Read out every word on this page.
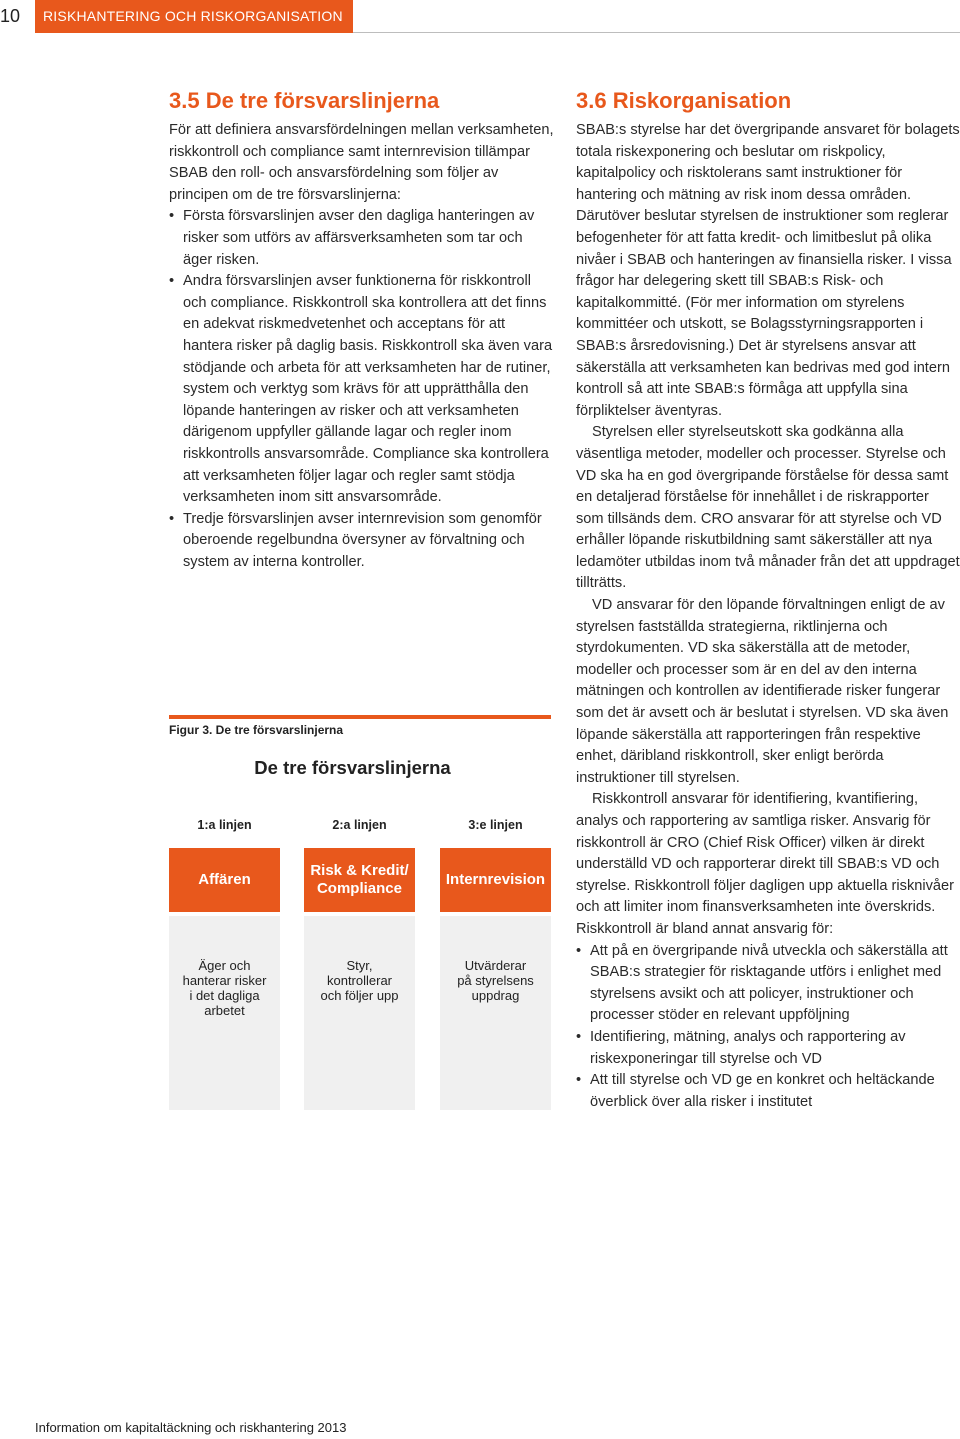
10	RISKHANTERING OCH RISKORGANISATION
3.5 De tre försvarslinjerna

För att definiera ansvarsfördelningen mellan verksamheten, riskkontroll och compliance samt internrevision tillämpar SBAB den roll- och ansvarsfördelning som följer av principen om de tre försvarslinjerna:

• Första försvarslinjen avser den dagliga hanteringen av risker som utförs av affärsverksamheten som tar och äger risken.
• Andra försvarslinjen avser funktionerna för riskkontroll och compliance. Riskkontroll ska kontrollera att det finns en adekvat riskmedvetenhet och acceptans för att hantera risker på daglig basis. Riskkontroll ska även vara stödjande och arbeta för att verksamheten har de rutiner, system och verktyg som krävs för att upprätthålla den löpande hanteringen av risker och att verksamheten därigenom uppfyller gällande lagar och regler inom riskkontrolls ansvarsområde. Compliance ska kontrollera att verksamheten följer lagar och regler samt stödja verksamheten inom sitt ansvarsområde.
• Tredje försvarslinjen avser internrevision som genomför oberoende regelbundna översyner av förvaltning och system av interna kontroller.
Figur 3. De tre försvarslinjerna
De tre försvarslinjerna
1:a linjen	2:a linjen	3:e linjen
Affären
Risk & Kredit/
Compliance
Internrevision
Äger och
hanterar risker
i det dagliga
arbetet
Styr,
kontrollerar
och följer upp
Utvärderar
på styrelsens
uppdrag
3.6 Riskorganisation

SBAB:s styrelse har det övergripande ansvaret för bolagets totala riskexponering och beslutar om riskpolicy, kapitalpolicy och risktolerans samt instruktioner för hantering och mätning av risk inom dessa områden. Därutöver beslutar styrelsen de instruktioner som reglerar befogenheter för att fatta kredit- och limitbeslut på olika nivåer i SBAB och hanteringen av finansiella risker. I vissa frågor har delegering skett till SBAB:s Risk- och kapitalkommitté. (För mer information om styrelens kommittéer och utskott, se Bolagsstyrningsrapporten i SBAB:s årsredovisning.) Det är styrelsens ansvar att säkerställa att verksamheten kan bedrivas med god intern kontroll så att inte SBAB:s förmåga att uppfylla sina förpliktelser äventyras.

Styrelsen eller styrelseutskott ska godkänna alla väsentliga metoder, modeller och processer. Styrelse och VD ska ha en god övergripande förståelse för dessa samt en detaljerad förståelse för innehållet i de riskrapporter som tillsänds dem. CRO ansvarar för att styrelse och VD erhåller löpande riskutbildning samt säkerställer att nya ledamöter utbildas inom två månader från det att uppdraget tillträtts.

VD ansvarar för den löpande förvaltningen enligt de av styrelsen fastställda strategierna, riktlinjerna och styrdokumenten. VD ska säkerställa att de metoder, modeller och processer som är en del av den interna mätningen och kontrollen av identifierade risker fungerar som det är avsett och är beslutat i styrelsen. VD ska även löpande säkerställa att rapporteringen från respektive enhet, däribland riskkontroll, sker enligt berörda instruktioner till styrelsen.

Riskkontroll ansvarar för identifiering, kvantifiering, analys och rapportering av samtliga risker. Ansvarig för riskkontroll är CRO (Chief Risk Officer) vilken är direkt underställd VD och rapporterar direkt till SBAB:s VD och styrelse. Riskkontroll följer dagligen upp aktuella risknivåer och att limiter inom finansverksamheten inte överskrids. Riskkontroll är bland annat ansvarig för:

• Att på en övergripande nivå utveckla och säkerställa att SBAB:s strategier för risktagande utförs i enlighet med styrelsens avsikt och att policyer, instruktioner och processer stöder en relevant uppföljning
• Identifiering, mätning, analys och rapportering av riskexponeringar till styrelse och VD
• Att till styrelse och VD ge en konkret och heltäckande överblick över alla risker i institutet
Information om kapitaltäckning och riskhantering 2013
